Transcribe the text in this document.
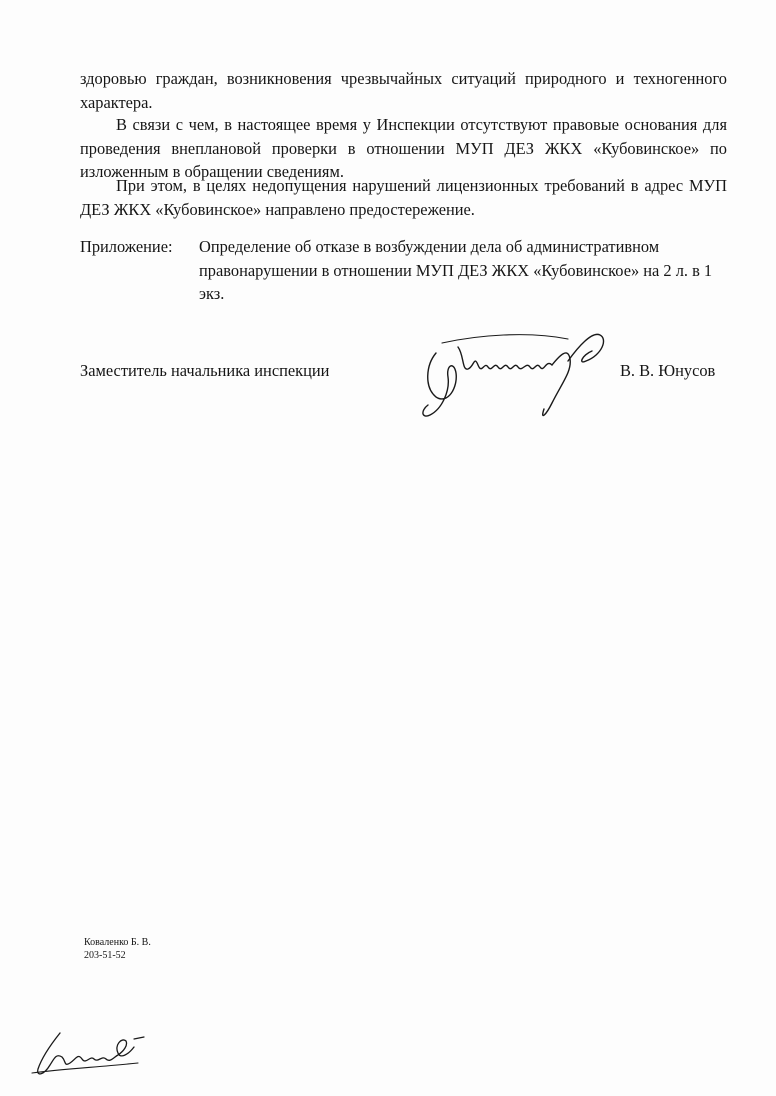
здоровью граждан, возникновения чрезвычайных ситуаций природного и техногенного характера.

В связи с чем, в настоящее время у Инспекции отсутствуют правовые основания для проведения внеплановой проверки в отношении МУП ДЕЗ ЖКХ «Кубовинское» по изложенным в обращении сведениям.

При этом, в целях недопущения нарушений лицензионных требований в адрес МУП ДЕЗ ЖКХ «Кубовинское» направлено предостережение.

Приложение: Определение об отказе в возбуждении дела об административном правонарушении в отношении МУП ДЕЗ ЖКХ «Кубовинское» на 2 л. в 1 экз.
Заместитель начальника инспекции	В. В. Юнусов
Коваленко Б. В.
203-51-52
